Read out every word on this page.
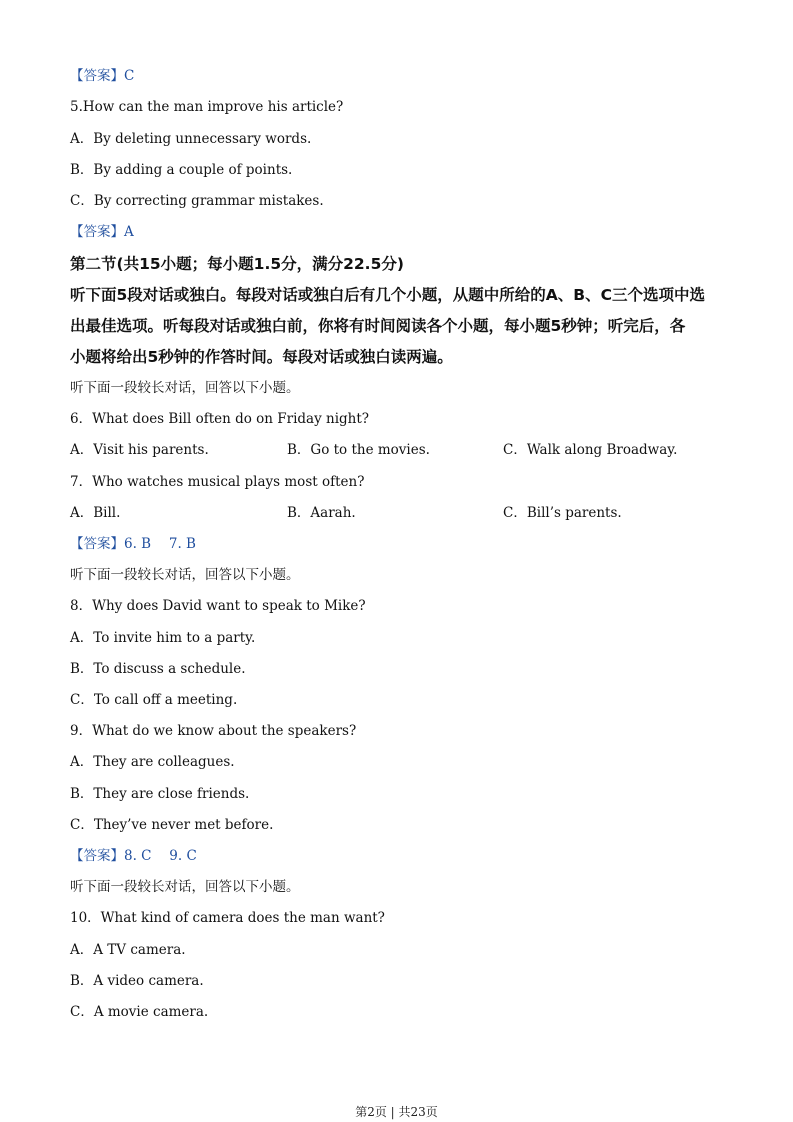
【答案】C
5.How can the man improve his article?
A．By deleting unnecessary words.
B．By adding a couple of points.
C．By correcting grammar mistakes.
【答案】A
第二节(共15小题；每小题1.5分，满分22.5分)
听下面5段对话或独白。每段对话或独白后有几个小题，从题中所给的A、B、C三个选项中选
出最佳选项。听每段对话或独白前，你将有时间阅读各个小题，每小题5秒钟；听完后，各
小题将给出5秒钟的作答时间。每段对话或独白读两遍。
听下面一段较长对话，回答以下小题。
6．What does Bill often do on Friday night?
A．Visit his parents.	B．Go to the movies.	C．Walk along Broadway.
7．Who watches musical plays most often?
A．Bill.	B．Aarah.	C．Bill’s parents.
【答案】6. B　 7. B
听下面一段较长对话，回答以下小题。
8．Why does David want to speak to Mike?
A．To invite him to a party.
B．To discuss a schedule.
C．To call off a meeting.
9．What do we know about the speakers?
A．They are colleagues.
B．They are close friends.
C．They’ve never met before.
【答案】8. C　 9. C
听下面一段较长对话，回答以下小题。
10．What kind of camera does the man want?
A．A TV camera.
B．A video camera.
C．A movie camera.
第2页 | 共23页
